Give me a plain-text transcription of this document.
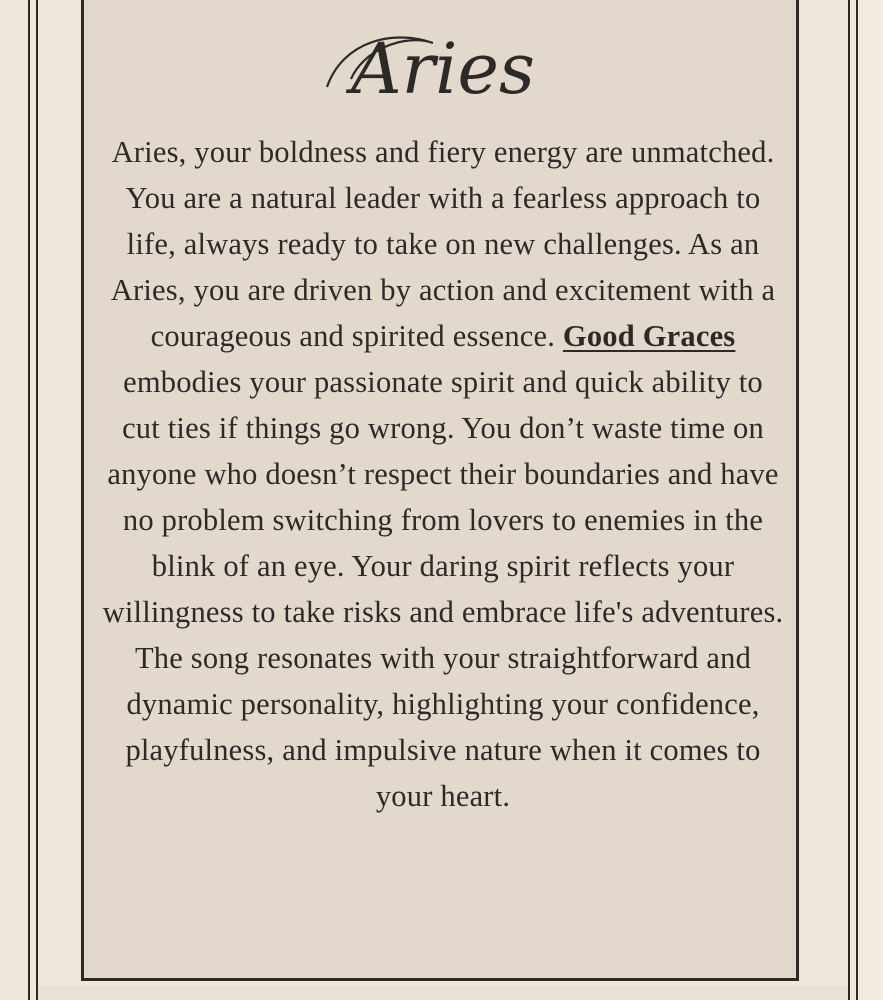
Aries
Aries, your boldness and fiery energy are unmatched. You are a natural leader with a fearless approach to life, always ready to take on new challenges. As an Aries, you are driven by action and excitement with a courageous and spirited essence. Good Graces embodies your passionate spirit and quick ability to cut ties if things go wrong. You don’t waste time on anyone who doesn’t respect their boundaries and have no problem switching from lovers to enemies in the blink of an eye. Your daring spirit reflects your willingness to take risks and embrace life's adventures. The song resonates with your straightforward and dynamic personality, highlighting your confidence, playfulness, and impulsive nature when it comes to your heart.
